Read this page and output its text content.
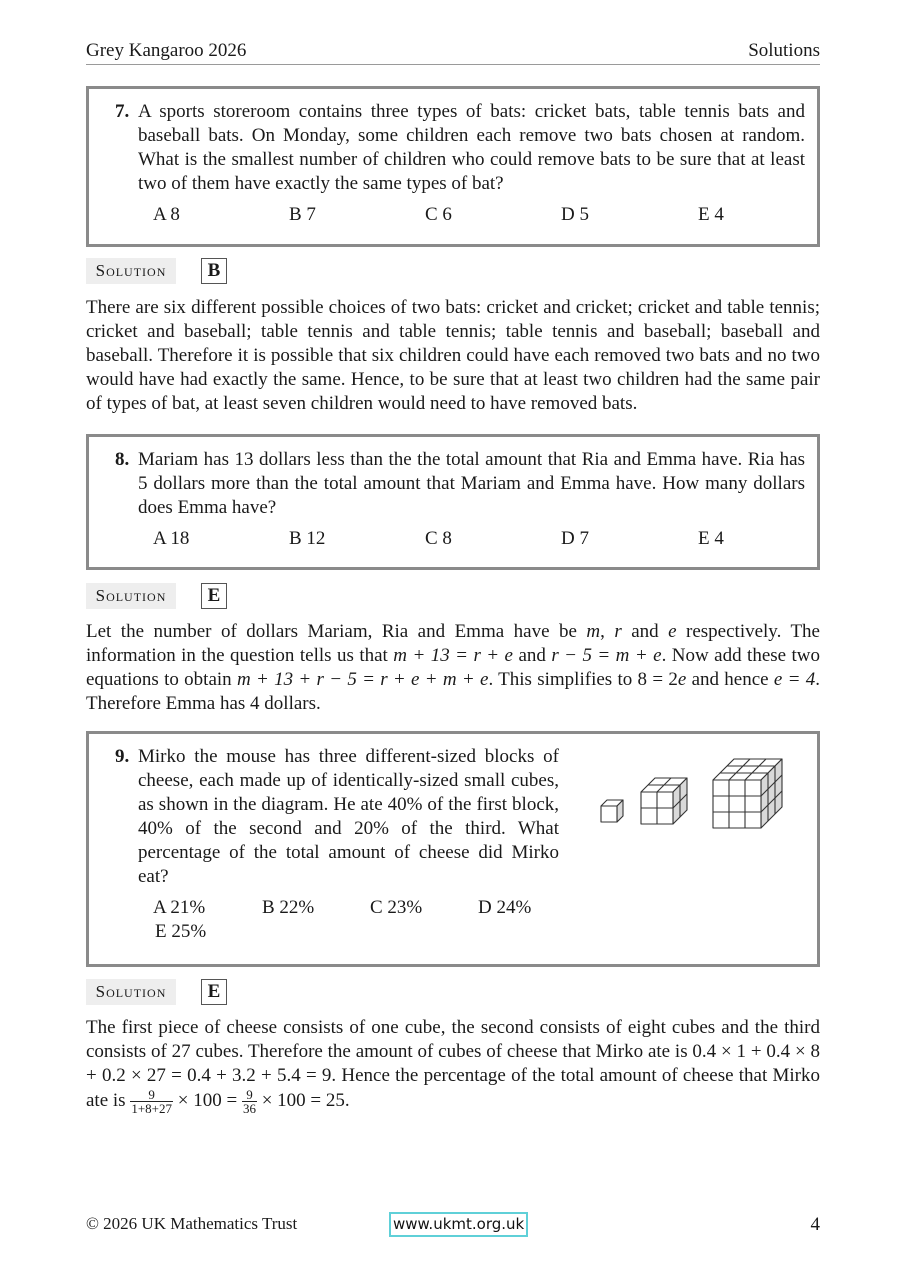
Grey Kangaroo 2026	Solutions

7. A sports storeroom contains three types of bats: cricket bats, table tennis bats and baseball bats. On Monday, some children each remove two bats chosen at random. What is the smallest number of children who could remove bats to be sure that at least two of them have exactly the same types of bat?

A 8	B 7	C 6	D 5	E 4
Solution	B

There are six different possible choices of two bats: cricket and cricket; cricket and table tennis; cricket and baseball; table tennis and table tennis; table tennis and baseball; baseball and baseball. Therefore it is possible that six children could have each removed two bats and no two would have had exactly the same. Hence, to be sure that at least two children had the same pair of types of bat, at least seven children would need to have removed bats.

8. Mariam has 13 dollars less than the the total amount that Ria and Emma have. Ria has 5 dollars more than the total amount that Mariam and Emma have. How many dollars does Emma have?

A 18	B 12	C 8	D 7	E 4
Solution	E

Let the number of dollars Mariam, Ria and Emma have be m, r and e respectively. The information in the question tells us that m + 13 = r + e and r − 5 = m + e. Now add these two equations to obtain m + 13 + r − 5 = r + e + m + e. This simplifies to 8 = 2e and hence e = 4. Therefore Emma has 4 dollars.

9. Mirko the mouse has three different-sized blocks of cheese, each made up of identically-sized small cubes, as shown in the diagram. He ate 40% of the first block, 40% of the second and 20% of the third. What percentage of the total amount of cheese did Mirko eat?

A 21%	B 22%	C 23%	D 24%
E 25%
Solution	E

The first piece of cheese consists of one cube, the second consists of eight cubes and the third consists of 27 cubes. Therefore the amount of cubes of cheese that Mirko ate is 0.4 × 1 + 0.4 × 8 + 0.2 × 27 = 0.4 + 3.2 + 5.4 = 9. Hence the percentage of the total amount of cheese that Mirko ate is $\frac{9}{1+8+27} \times 100 = \frac{9}{36} \times 100 = 25$.

© 2026 UK Mathematics Trust	www.ukmt.org.uk	4
